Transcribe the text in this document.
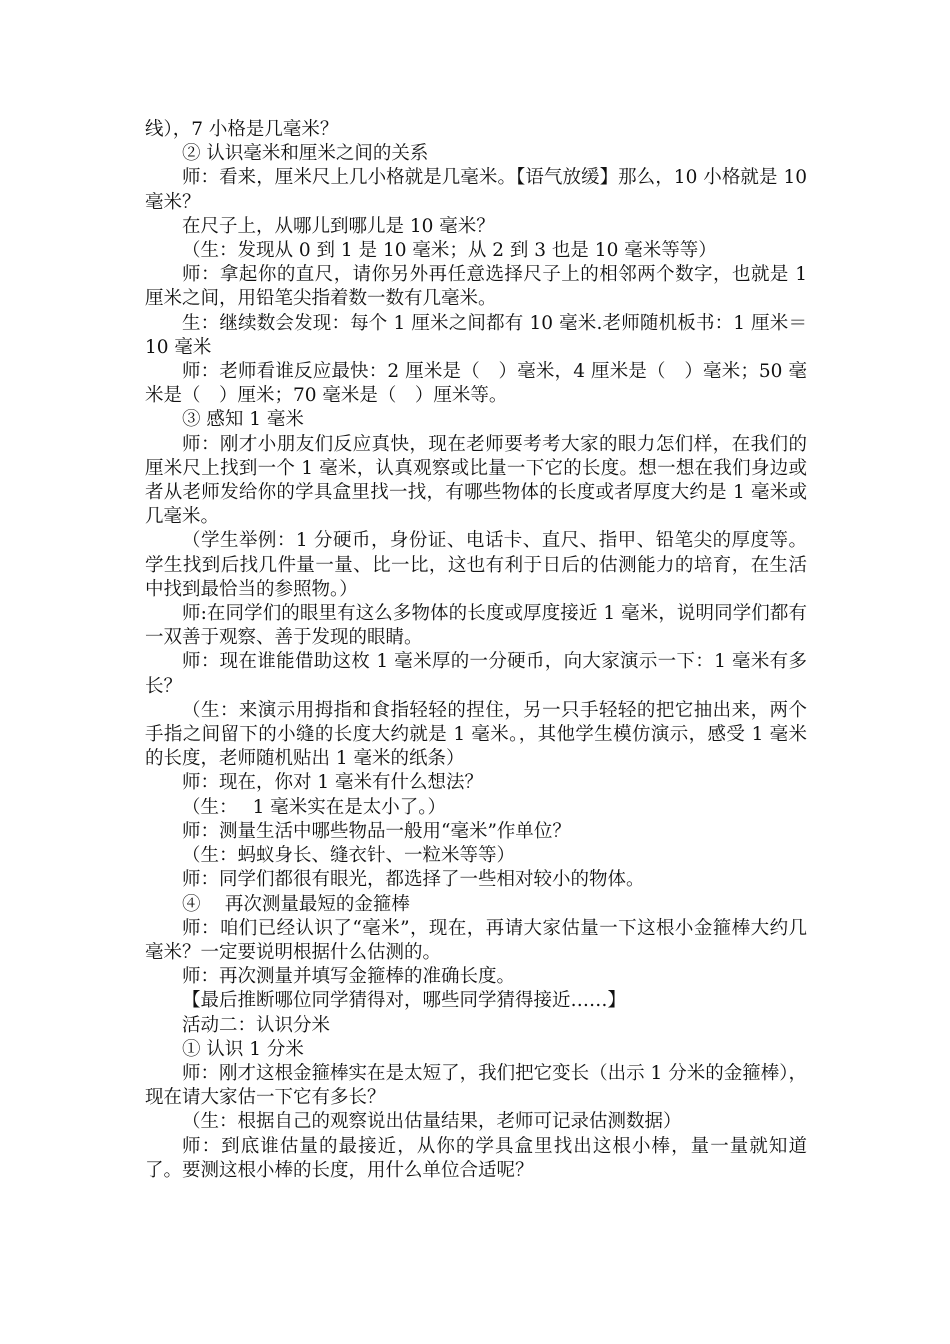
线），7 小格是几毫米？

② 认识毫米和厘米之间的关系

师：看来，厘米尺上几小格就是几毫米。【语气放缓】那么，10 小格就是 10 毫米？

在尺子上，从哪儿到哪儿是 10 毫米？

（生：发现从 0 到 1 是 10 毫米；从 2 到 3 也是 10 毫米等等）

师：拿起你的直尺，请你另外再任意选择尺子上的相邻两个数字，也就是 1 厘米之间，用铅笔尖指着数一数有几毫米。

生：继续数会发现：每个 1 厘米之间都有 10 毫米.老师随机板书：1 厘米＝10 毫米

师：老师看谁反应最快：2 厘米是（　）毫米，4 厘米是（　）毫米；50 毫米是（　）厘米；70 毫米是（　）厘米等。

③ 感知 1 毫米

师：刚才小朋友们反应真快，现在老师要考考大家的眼力怎们样，在我们的厘米尺上找到一个 1 毫米，认真观察或比量一下它的长度。想一想在我们身边或者从老师发给你的学具盒里找一找，有哪些物体的长度或者厚度大约是 1 毫米或几毫米。

（学生举例：1 分硬币，身份证、电话卡、直尺、指甲、铅笔尖的厚度等。学生找到后找几件量一量、比一比，这也有利于日后的估测能力的培育，在生活中找到最恰当的参照物。）

师:在同学们的眼里有这么多物体的长度或厚度接近 1 毫米，说明同学们都有一双善于观察、善于发现的眼睛。

师：现在谁能借助这枚 1 毫米厚的一分硬币，向大家演示一下：1 毫米有多长？

（生：来演示用拇指和食指轻轻的捏住，另一只手轻轻的把它抽出来，两个手指之间留下的小缝的长度大约就是 1 毫米。，其他学生模仿演示，感受 1 毫米的长度，老师随机贴出 1 毫米的纸条）

师：现在，你对 1 毫米有什么想法？

（生：　 1 毫米实在是太小了。）

师：测量生活中哪些物品一般用“毫米”作单位？

（生：蚂蚁身长、缝衣针、一粒米等等）

师：同学们都很有眼光，都选择了一些相对较小的物体。

④　 再次测量最短的金箍棒

师：咱们已经认识了“毫米”，现在，再请大家估量一下这根小金箍棒大约几毫米？一定要说明根据什么估测的。

师：再次测量并填写金箍棒的准确长度。

【最后推断哪位同学猜得对，哪些同学猜得接近……】

活动二：认识分米

① 认识 1 分米

师：刚才这根金箍棒实在是太短了，我们把它变长（出示 1 分米的金箍棒），现在请大家估一下它有多长？

（生：根据自己的观察说出估量结果，老师可记录估测数据）

师：到底谁估量的最接近，从你的学具盒里找出这根小棒，量一量就知道了。要测这根小棒的长度，用什么单位合适呢？
